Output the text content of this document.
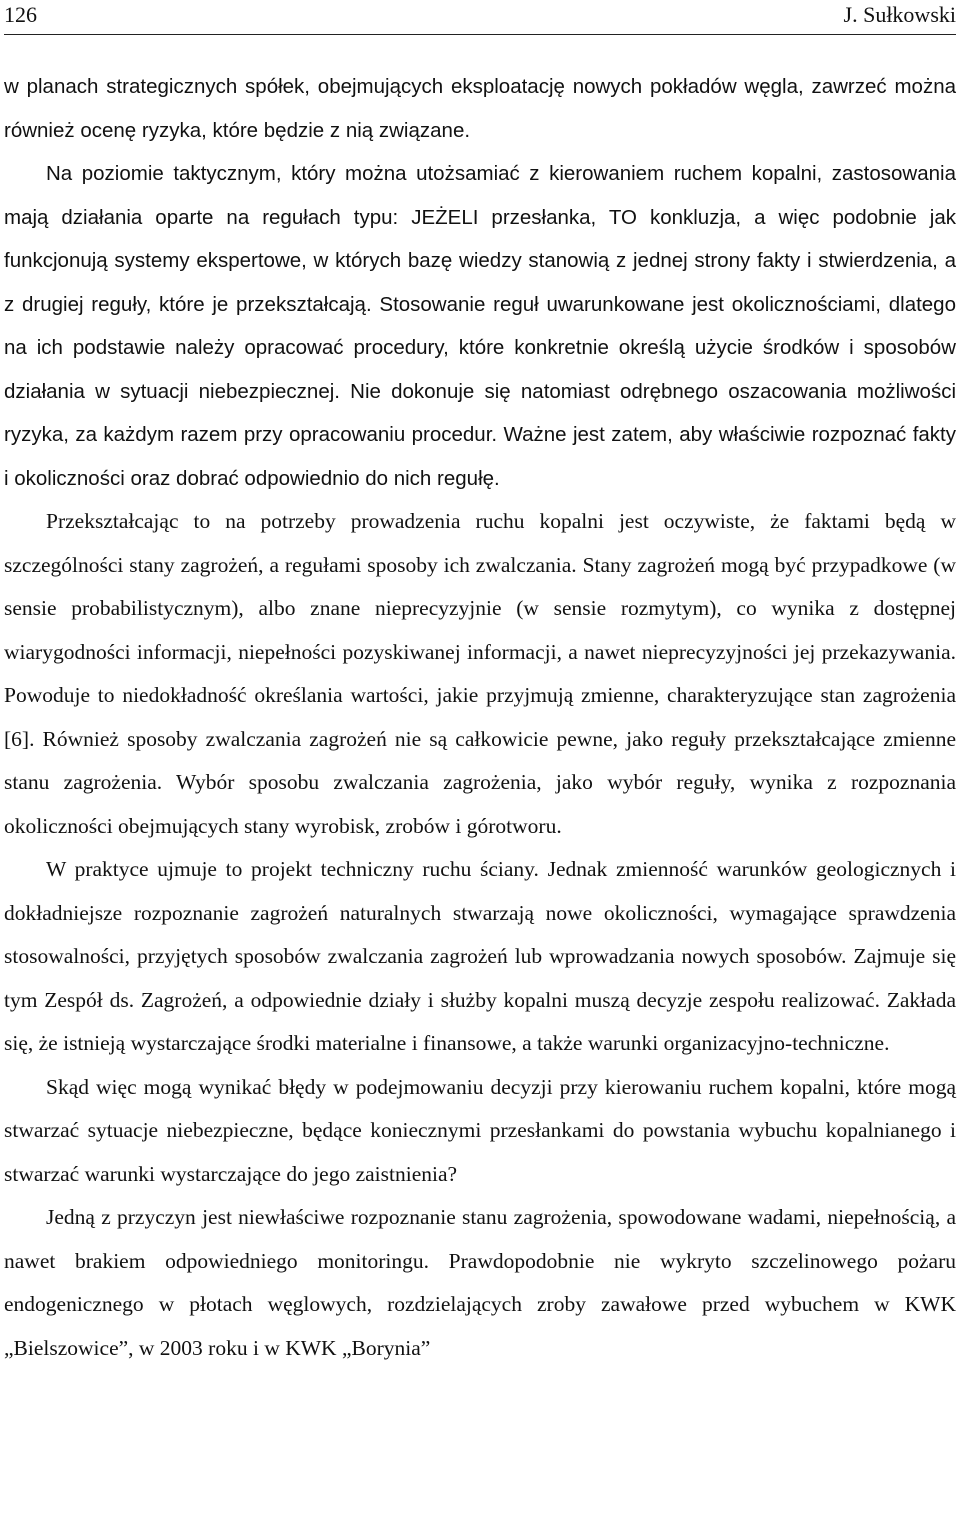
126	J. Sułkowski

w planach strategicznych spółek, obejmujących eksploatację nowych pokładów węgla, zawrzeć można również ocenę ryzyka, które będzie z nią związane.

Na poziomie taktycznym, który można utożsamiać z kierowaniem ruchem kopalni, zastosowania mają działania oparte na regułach typu: JEŻELI przesłanka, TO konkluzja, a więc podobnie jak funkcjonują systemy ekspertowe, w których bazę wiedzy stanowią z jednej strony fakty i stwierdzenia, a z drugiej reguły, które je przekształcają. Stosowanie reguł uwarunkowane jest okolicznościami, dlatego na ich podstawie należy opracować procedury, które konkretnie określą użycie środków i sposobów działania w sytuacji niebezpiecznej. Nie dokonuje się natomiast odrębnego oszacowania możliwości ryzyka, za każdym razem przy opracowaniu procedur. Ważne jest zatem, aby właściwie rozpoznać fakty i okoliczności oraz dobrać odpowiednio do nich regułę.

Przekształcając to na potrzeby prowadzenia ruchu kopalni jest oczywiste, że faktami będą w szczególności stany zagrożeń, a regułami sposoby ich zwalczania. Stany zagrożeń mogą być przypadkowe (w sensie probabilistycznym), albo znane nieprecyzyjnie (w sensie rozmytym), co wynika z dostępnej wiarygodności informacji, niepełności pozyskiwanej informacji, a nawet nieprecyzyjności jej przekazywania. Powoduje to niedokładność określania wartości, jakie przyjmują zmienne, charakteryzujące stan zagrożenia [6]. Również sposoby zwalczania zagrożeń nie są całkowicie pewne, jako reguły przekształcające zmienne stanu zagrożenia. Wybór sposobu zwalczania zagrożenia, jako wybór reguły, wynika z rozpoznania okoliczności obejmujących stany wyrobisk, zrobów i górotworu.

W praktyce ujmuje to projekt techniczny ruchu ściany. Jednak zmienność warunków geologicznych i dokładniejsze rozpoznanie zagrożeń naturalnych stwarzają nowe okoliczności, wymagające sprawdzenia stosowalności, przyjętych sposobów zwalczania zagrożeń lub wprowadzania nowych sposobów. Zajmuje się tym Zespół ds. Zagrożeń, a odpowiednie działy i służby kopalni muszą decyzje zespołu realizować. Zakłada się, że istnieją wystarczające środki materialne i finansowe, a także warunki organizacyjno-techniczne.

Skąd więc mogą wynikać błędy w podejmowaniu decyzji przy kierowaniu ruchem kopalni, które mogą stwarzać sytuacje niebezpieczne, będące koniecznymi przesłankami do powstania wybuchu kopalnianego i stwarzać warunki wystarczające do jego zaistnienia?

Jedną z przyczyn jest niewłaściwe rozpoznanie stanu zagrożenia, spowodowane wadami, niepełnością, a nawet brakiem odpowiedniego monitoringu. Prawdopodobnie nie wykryto szczelinowego pożaru endogenicznego w płotach węglowych, rozdzielających zroby zawałowe przed wybuchem w KWK „Bielszowice”, w 2003 roku i w KWK „Borynia”
